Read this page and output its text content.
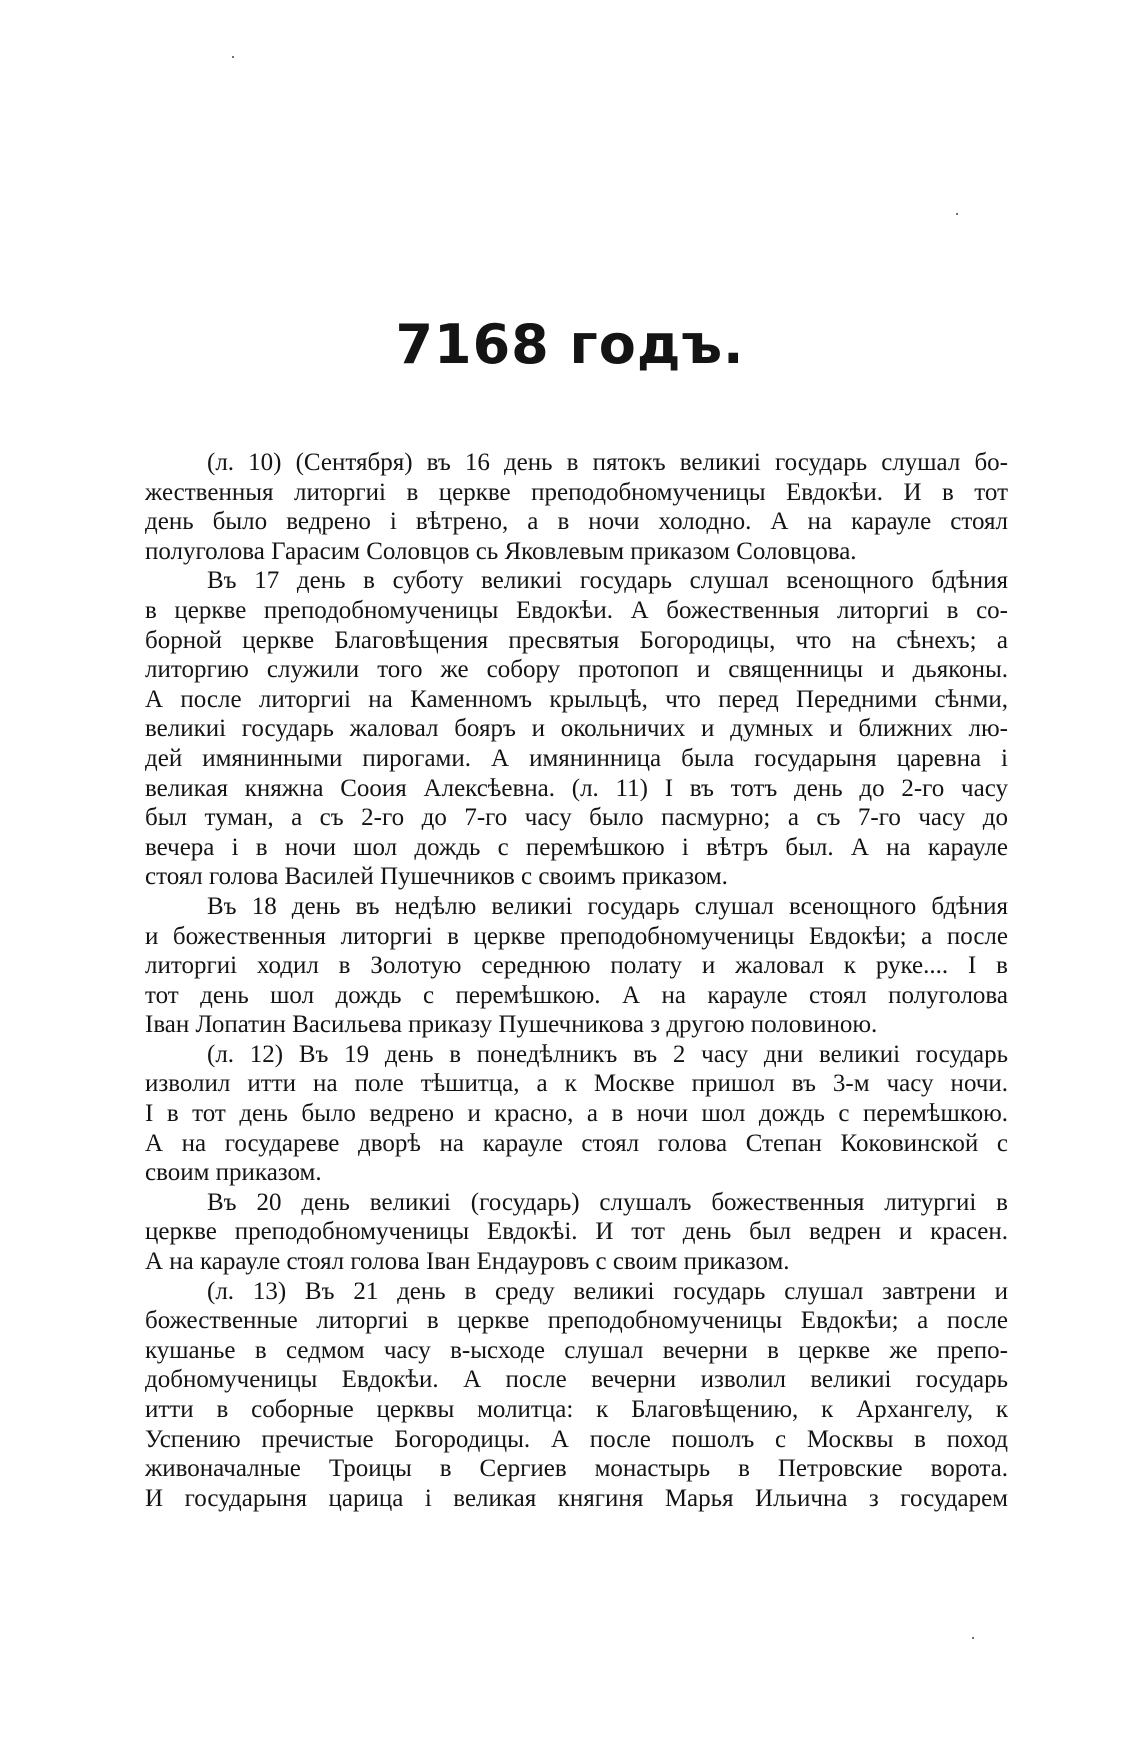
7168 годъ.

(л. 10) (Сентября) въ 16 день в пятокъ великиі государь слушал бо-
жественныя литоргиі в церкве преподобномученицы Евдокѣи. И в тот
день было ведрено і вѣтрено, а в ночи холодно. А на карауле стоял
полуголова Гарасим Соловцов сь Яковлевым приказом Соловцова.

Въ 17 день в суботу великиі государь слушал всенощного бдѣния
в церкве преподобномученицы Евдокѣи. А божественныя литоргиі в со-
борной церкве Благовѣщения пресвятыя Богородицы, что на сѣнехъ; а
литоргию служили того же собору протопоп и священницы и дьяконы.
А после литоргиі на Каменномъ крыльцѣ, что перед Передними сѣнми,
великиі государь жаловал бояръ и окольничих и думных и ближних лю-
дей имянинными пирогами. А имянинница была государыня царевна і
великая княжна Сооия Алексѣевна. (л. 11) I въ тотъ день до 2-го часу
был туман, а съ 2-го до 7-го часу было пасмурно; а съ 7-го часу до
вечера і в ночи шол дождь с перемѣшкою і вѣтръ был. А на карауле
стоял голова Василей Пушечников с своимъ приказом.

Въ 18 день въ недѣлю великиі государь слушал всенощного бдѣния
и божественныя литоргиі в церкве преподобномученицы Евдокѣи; а после
литоргиі ходил в Золотую середнюю полату и жаловал к руке.... I в
тот день шол дождь с перемѣшкою. А на карауле стоял полуголова
Іван Лопатин Васильева приказу Пушечникова з другою половиною.

(л. 12) Въ 19 день в понедѣлникъ въ 2 часу дни великиі государь
изволил итти на поле тѣшитца, а к Москве пришол въ 3-м часу ночи.
I в тот день было ведрено и красно, а в ночи шол дождь с перемѣшкою.
А на государеве дворѣ на карауле стоял голова Степан Коковинской с
своим приказом.

Въ 20 день великиі (государь) слушалъ божественныя литургиі в
церкве преподобномученицы Евдокѣі. И тот день был ведрен и красен.
А на карауле стоял голова Іван Ендауровъ с своим приказом.

(л. 13) Въ 21 день в среду великиі государь слушал завтрени и
божественные литоргиі в церкве преподобномученицы Евдокѣи; а после
кушанье в седмом часу в-ысходе слушал вечерни в церкве же препо-
добномученицы Евдокѣи. А после вечерни изволил великиі государь
итти в соборные церквы молитца: к Благовѣщению, к Архангелу, к
Успению пречистые Богородицы. А после пошолъ с Москвы в поход
живоначалные Троицы в Сергиев монастырь в Петровские ворота.
И государыня царица і великая княгиня Марья Ильична з государем
